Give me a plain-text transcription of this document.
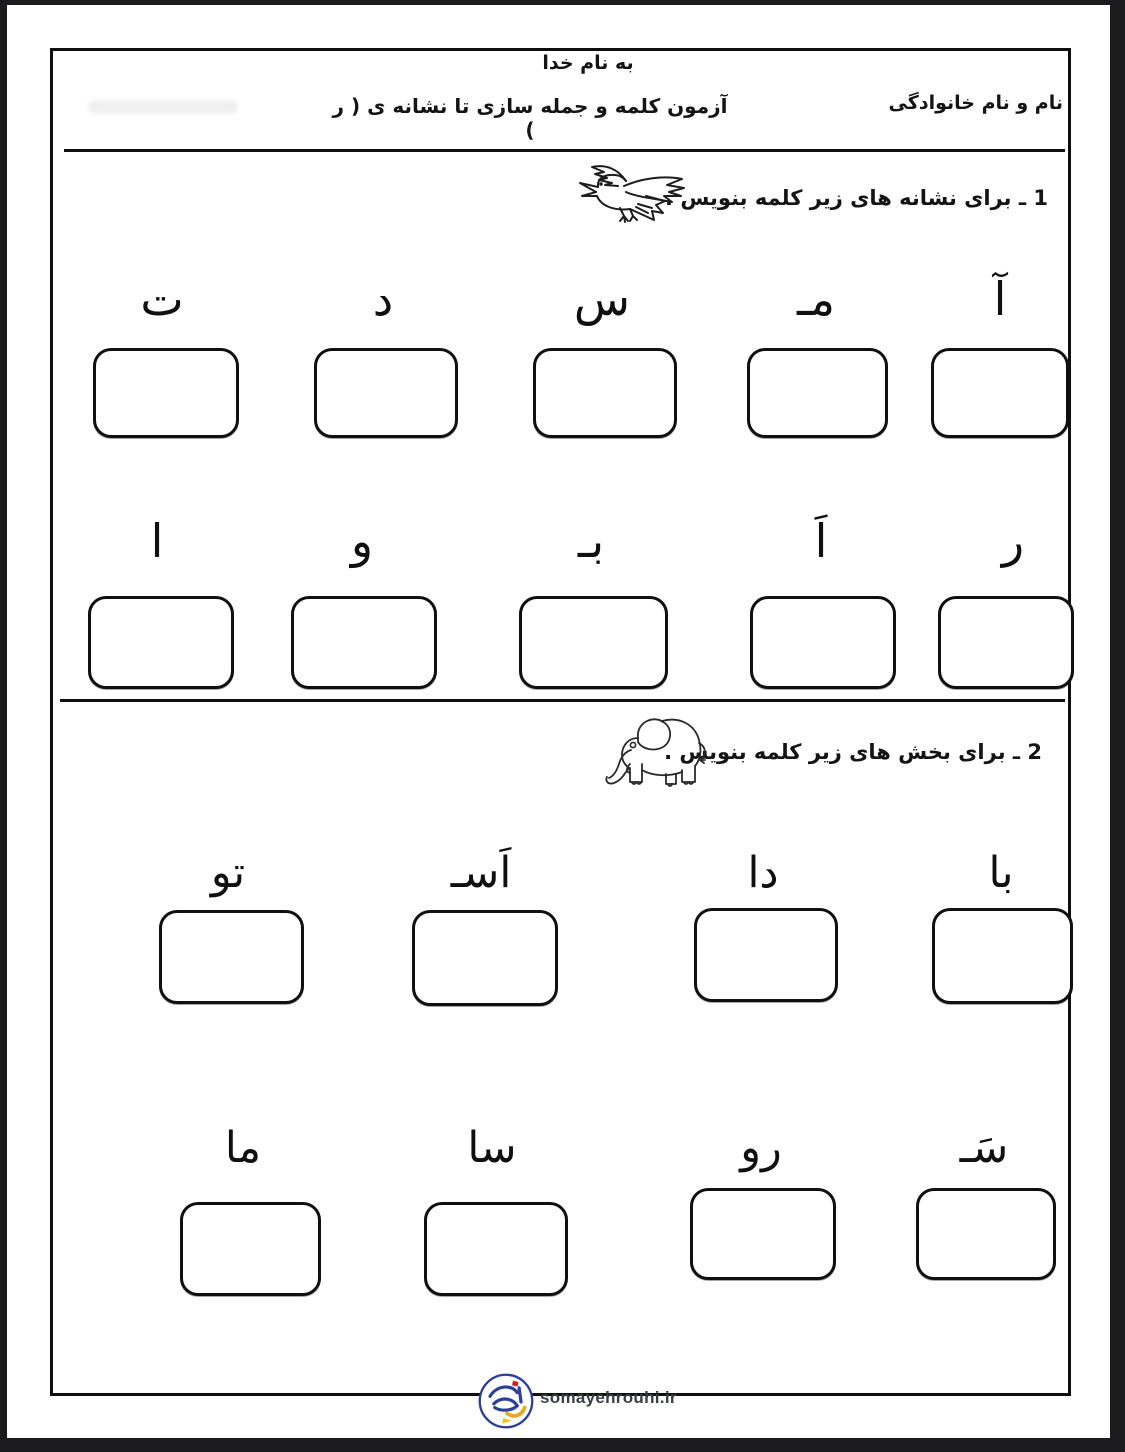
به نام خدا
نام و نام خانوادگی
آزمون کلمه و جمله سازی تا نشانه ی ( ر )
1 ـ برای نشانه های زیر کلمه بنویس .
آ
مـ
س
د
ت
ر
اَ
بـ
و
ا
2 ـ برای بخش های زیر کلمه بنویس .
با
دا
اَسـ
تو
سَـ
رو
سا
ما
somayehrouhi.ir
